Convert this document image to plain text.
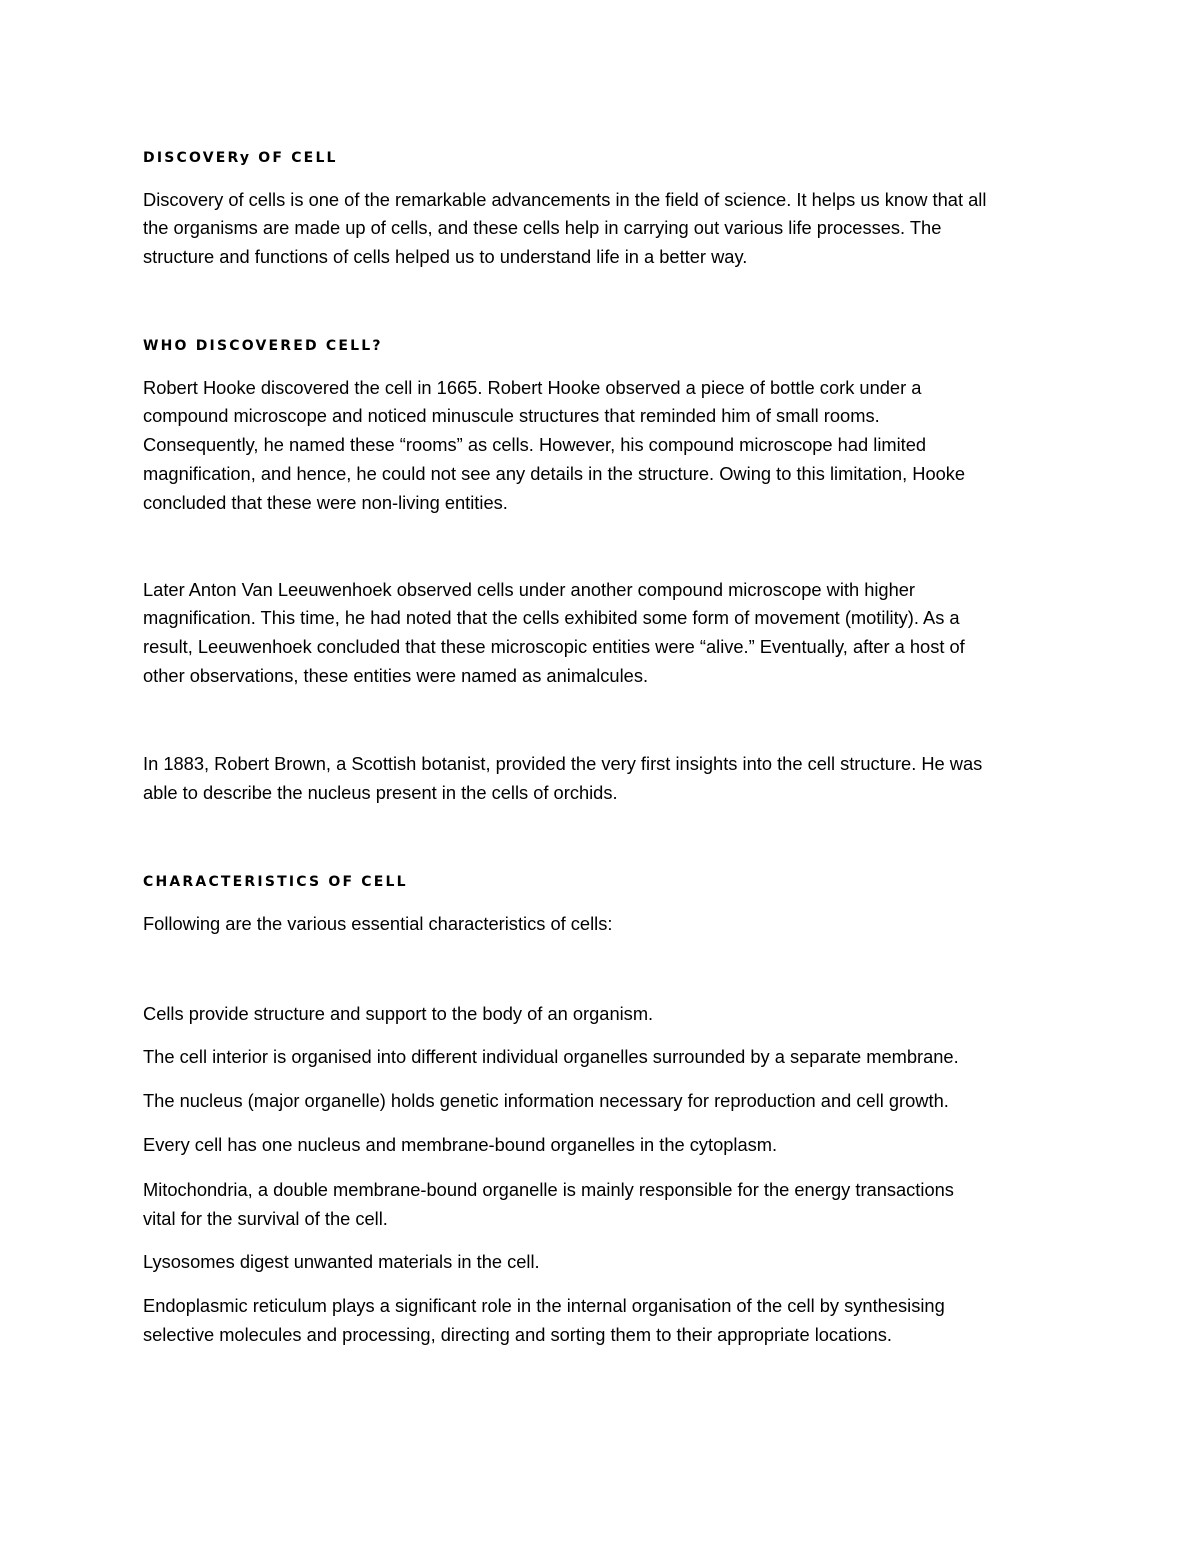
DISCOVERy OF CELL

Discovery of cells is one of the remarkable advancements in the field of science. It helps us know that all

the organisms are made up of cells, and these cells help in carrying out various life processes. The

structure and functions of cells helped us to understand life in a better way.

WHO DISCOVERED CELL?

Robert Hooke discovered the cell in 1665. Robert Hooke observed a piece of bottle cork under a

compound microscope and noticed minuscule structures that reminded him of small rooms.

Consequently, he named these “rooms” as cells. However, his compound microscope had limited

magnification, and hence, he could not see any details in the structure. Owing to this limitation, Hooke

concluded that these were non-living entities.

Later Anton Van Leeuwenhoek observed cells under another compound microscope with higher

magnification. This time, he had noted that the cells exhibited some form of movement (motility). As a

result, Leeuwenhoek concluded that these microscopic entities were “alive.” Eventually, after a host of

other observations, these entities were named as animalcules.

In 1883, Robert Brown, a Scottish botanist, provided the very first insights into the cell structure. He was

able to describe the nucleus present in the cells of orchids.

CHARACTERISTICS OF CELL

Following are the various essential characteristics of cells:

Cells provide structure and support to the body of an organism.

The cell interior is organised into different individual organelles surrounded by a separate membrane.

The nucleus (major organelle) holds genetic information necessary for reproduction and cell growth.

Every cell has one nucleus and membrane-bound organelles in the cytoplasm.

Mitochondria, a double membrane-bound organelle is mainly responsible for the energy transactions

vital for the survival of the cell.

Lysosomes digest unwanted materials in the cell.

Endoplasmic reticulum plays a significant role in the internal organisation of the cell by synthesising

selective molecules and processing, directing and sorting them to their appropriate locations.
